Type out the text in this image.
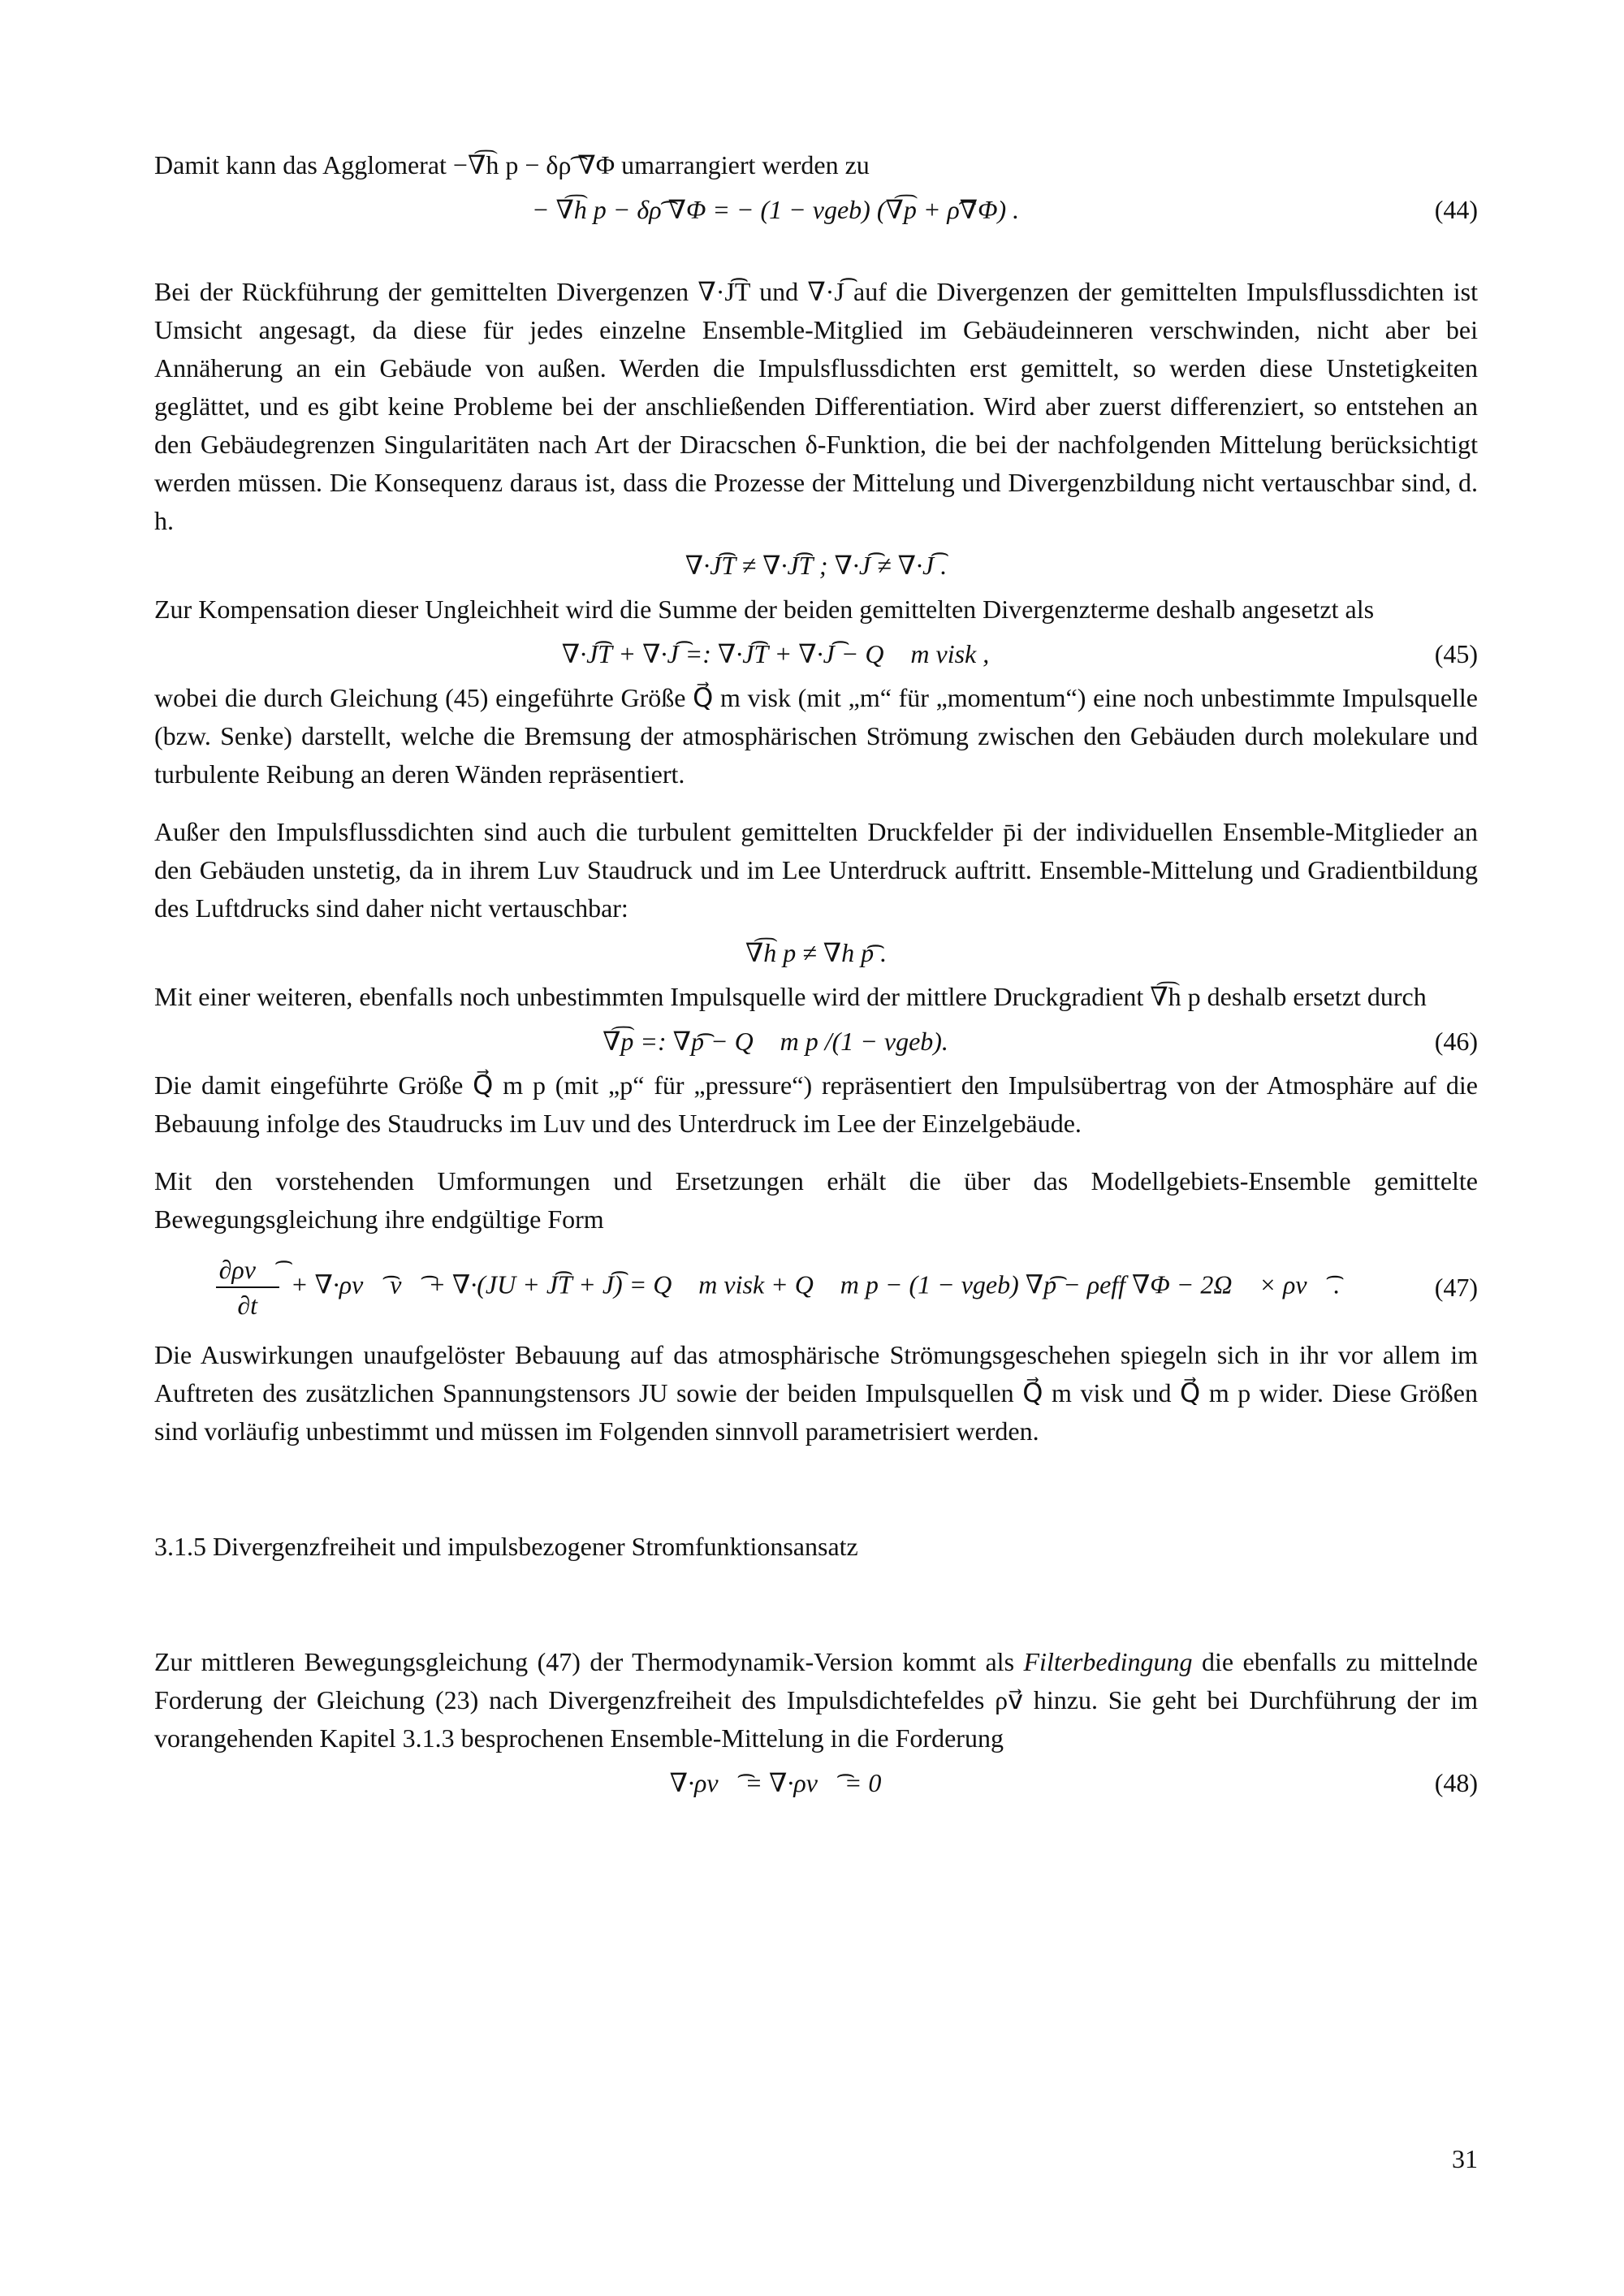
Damit kann das Agglomerat −∇͡h p − δρ͡ ∇Φ umarrangiert werden zu

− ∇͡h p − δρ͡ ∇Φ = − (1 − vgeb) (∇͡p + ρ͡∇Φ) .	(44)

Bei der Rückführung der gemittelten Divergenzen ∇·J͡T und ∇·J͡ auf die Divergenzen der gemittelten Impulsflussdichten ist Umsicht angesagt, da diese für jedes einzelne Ensemble-Mitglied im Gebäudeinneren verschwinden, nicht aber bei Annäherung an ein Gebäude von außen. Werden die Impulsflussdichten erst gemittelt, so werden diese Unstetigkeiten geglättet, und es gibt keine Probleme bei der anschließenden Differentiation. Wird aber zuerst differenziert, so entstehen an den Gebäudegrenzen Singularitäten nach Art der Diracschen δ-Funktion, die bei der nachfolgenden Mittelung berücksichtigt werden müssen. Die Konsequenz daraus ist, dass die Prozesse der Mittelung und Divergenzbildung nicht vertauschbar sind, d. h.

∇·J͡T ≠ ∇·J͡T ; ∇·J͡ ≠ ∇·J͡ .

Zur Kompensation dieser Ungleichheit wird die Summe der beiden gemittelten Divergenzterme deshalb angesetzt als

∇·J͡T + ∇·J͡ =: ∇·J͡T + ∇·J͡ − Q⃗ m visk ,	(45)

wobei die durch Gleichung (45) eingeführte Größe Q⃗ m visk (mit „m“ für „momentum“) eine noch unbestimmte Impulsquelle (bzw. Senke) darstellt, welche die Bremsung der atmosphärischen Strömung zwischen den Gebäuden durch molekulare und turbulente Reibung an deren Wänden repräsentiert.

Außer den Impulsflussdichten sind auch die turbulent gemittelten Druckfelder p̄i der individuellen Ensemble-Mitglieder an den Gebäuden unstetig, da in ihrem Luv Staudruck und im Lee Unterdruck auftritt. Ensemble-Mittelung und Gradientbildung des Luftdrucks sind daher nicht vertauschbar:

∇͡h p ≠ ∇h p͡ .

Mit einer weiteren, ebenfalls noch unbestimmten Impulsquelle wird der mittlere Druckgradient ∇͡h p deshalb ersetzt durch

∇͡p =: ∇p͡ − Q⃗ m p /(1 − vgeb).	(46)

Die damit eingeführte Größe Q⃗ m p (mit „p“ für „pressure“) repräsentiert den Impulsübertrag von der Atmosphäre auf die Bebauung infolge des Staudrucks im Luv und des Unterdruck im Lee der Einzelgebäude.

Mit den vorstehenden Umformungen und Ersetzungen erhält die über das Modellgebiets-Ensemble gemittelte Bewegungsgleichung ihre endgültige Form

$\frac{\partial\rho v⃗͡}{\partial t}$ + ∇·ρv⃗͡ v⃗͡ + ∇·(JU + J͡T + J͡) = Q⃗ m visk + Q⃗ m p − (1 − vgeb) ∇p͡ − ρeff ∇Φ − 2Ω⃗ × ρv⃗͡ .	(47)

Die Auswirkungen unaufgelöster Bebauung auf das atmosphärische Strömungsgeschehen spiegeln sich in ihr vor allem im Auftreten des zusätzlichen Spannungstensors JU sowie der beiden Impulsquellen Q⃗ m visk und Q⃗ m p wider. Diese Größen sind vorläufig unbestimmt und müssen im Folgenden sinnvoll parametrisiert werden.

3.1.5 Divergenzfreiheit und impulsbezogener Stromfunktionsansatz

Zur mittleren Bewegungsgleichung (47) der Thermodynamik-Version kommt als Filterbedingung die ebenfalls zu mittelnde Forderung der Gleichung (23) nach Divergenzfreiheit des Impulsdichtefeldes ρv⃗ hinzu. Sie geht bei Durchführung der im vorangehenden Kapitel 3.1.3 besprochenen Ensemble-Mittelung in die Forderung

∇·ρv⃗͡ = ∇·ρv⃗͡ = 0	(48)
31
